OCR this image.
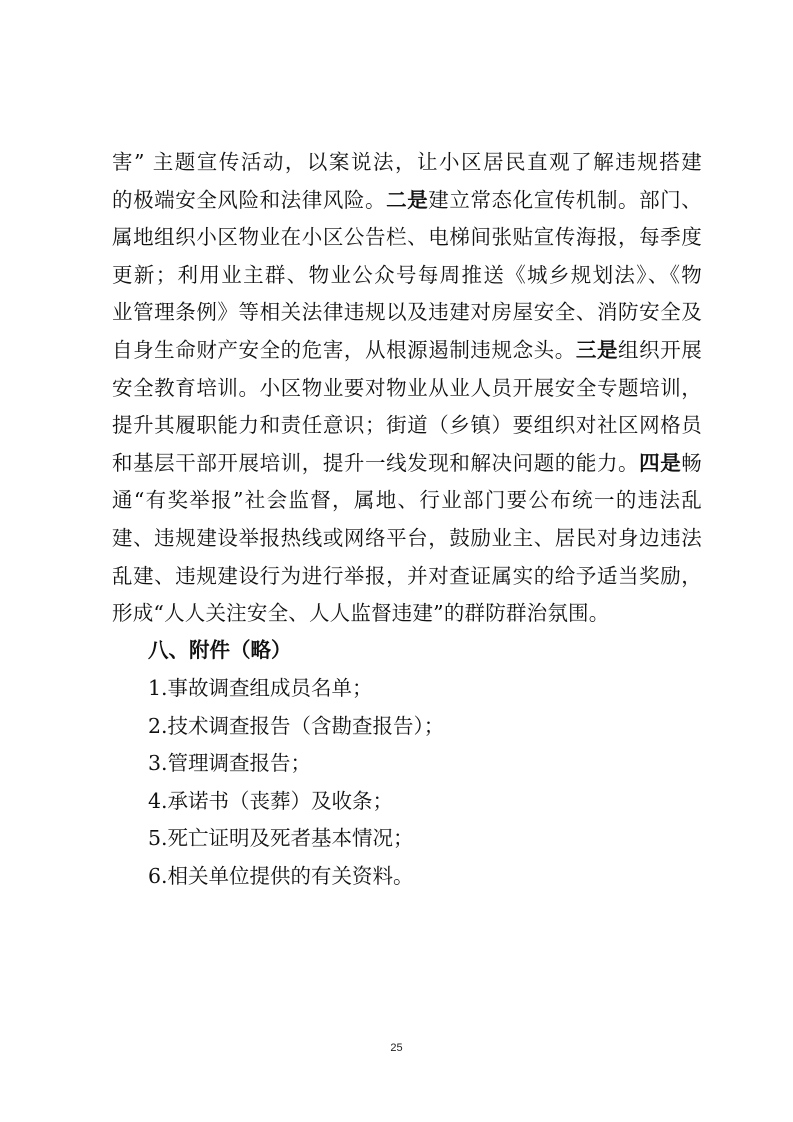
害” 主题宣传活动，以案说法，让小区居民直观了解违规搭建
的极端安全风险和法律风险。二是建立常态化宣传机制。部门、
属地组织小区物业在小区公告栏、电梯间张贴宣传海报，每季度
更新；利用业主群、物业公众号每周推送《城乡规划法》、《物
业管理条例》等相关法律违规以及违建对房屋安全、消防安全及
自身生命财产安全的危害，从根源遏制违规念头。三是组织开展
安全教育培训。小区物业要对物业从业人员开展安全专题培训，
提升其履职能力和责任意识；街道（乡镇）要组织对社区网格员
和基层干部开展培训，提升一线发现和解决问题的能力。四是畅
通“有奖举报”社会监督，属地、行业部门要公布统一的违法乱
建、违规建设举报热线或网络平台，鼓励业主、居民对身边违法
乱建、违规建设行为进行举报，并对查证属实的给予适当奖励，
形成“人人关注安全、人人监督违建”的群防群治氛围。
八、附件（略）
1.事故调查组成员名单；
2.技术调查报告（含勘查报告）；
3.管理调查报告；
4.承诺书（丧葬）及收条；
5.死亡证明及死者基本情况；
6.相关单位提供的有关资料。
25
